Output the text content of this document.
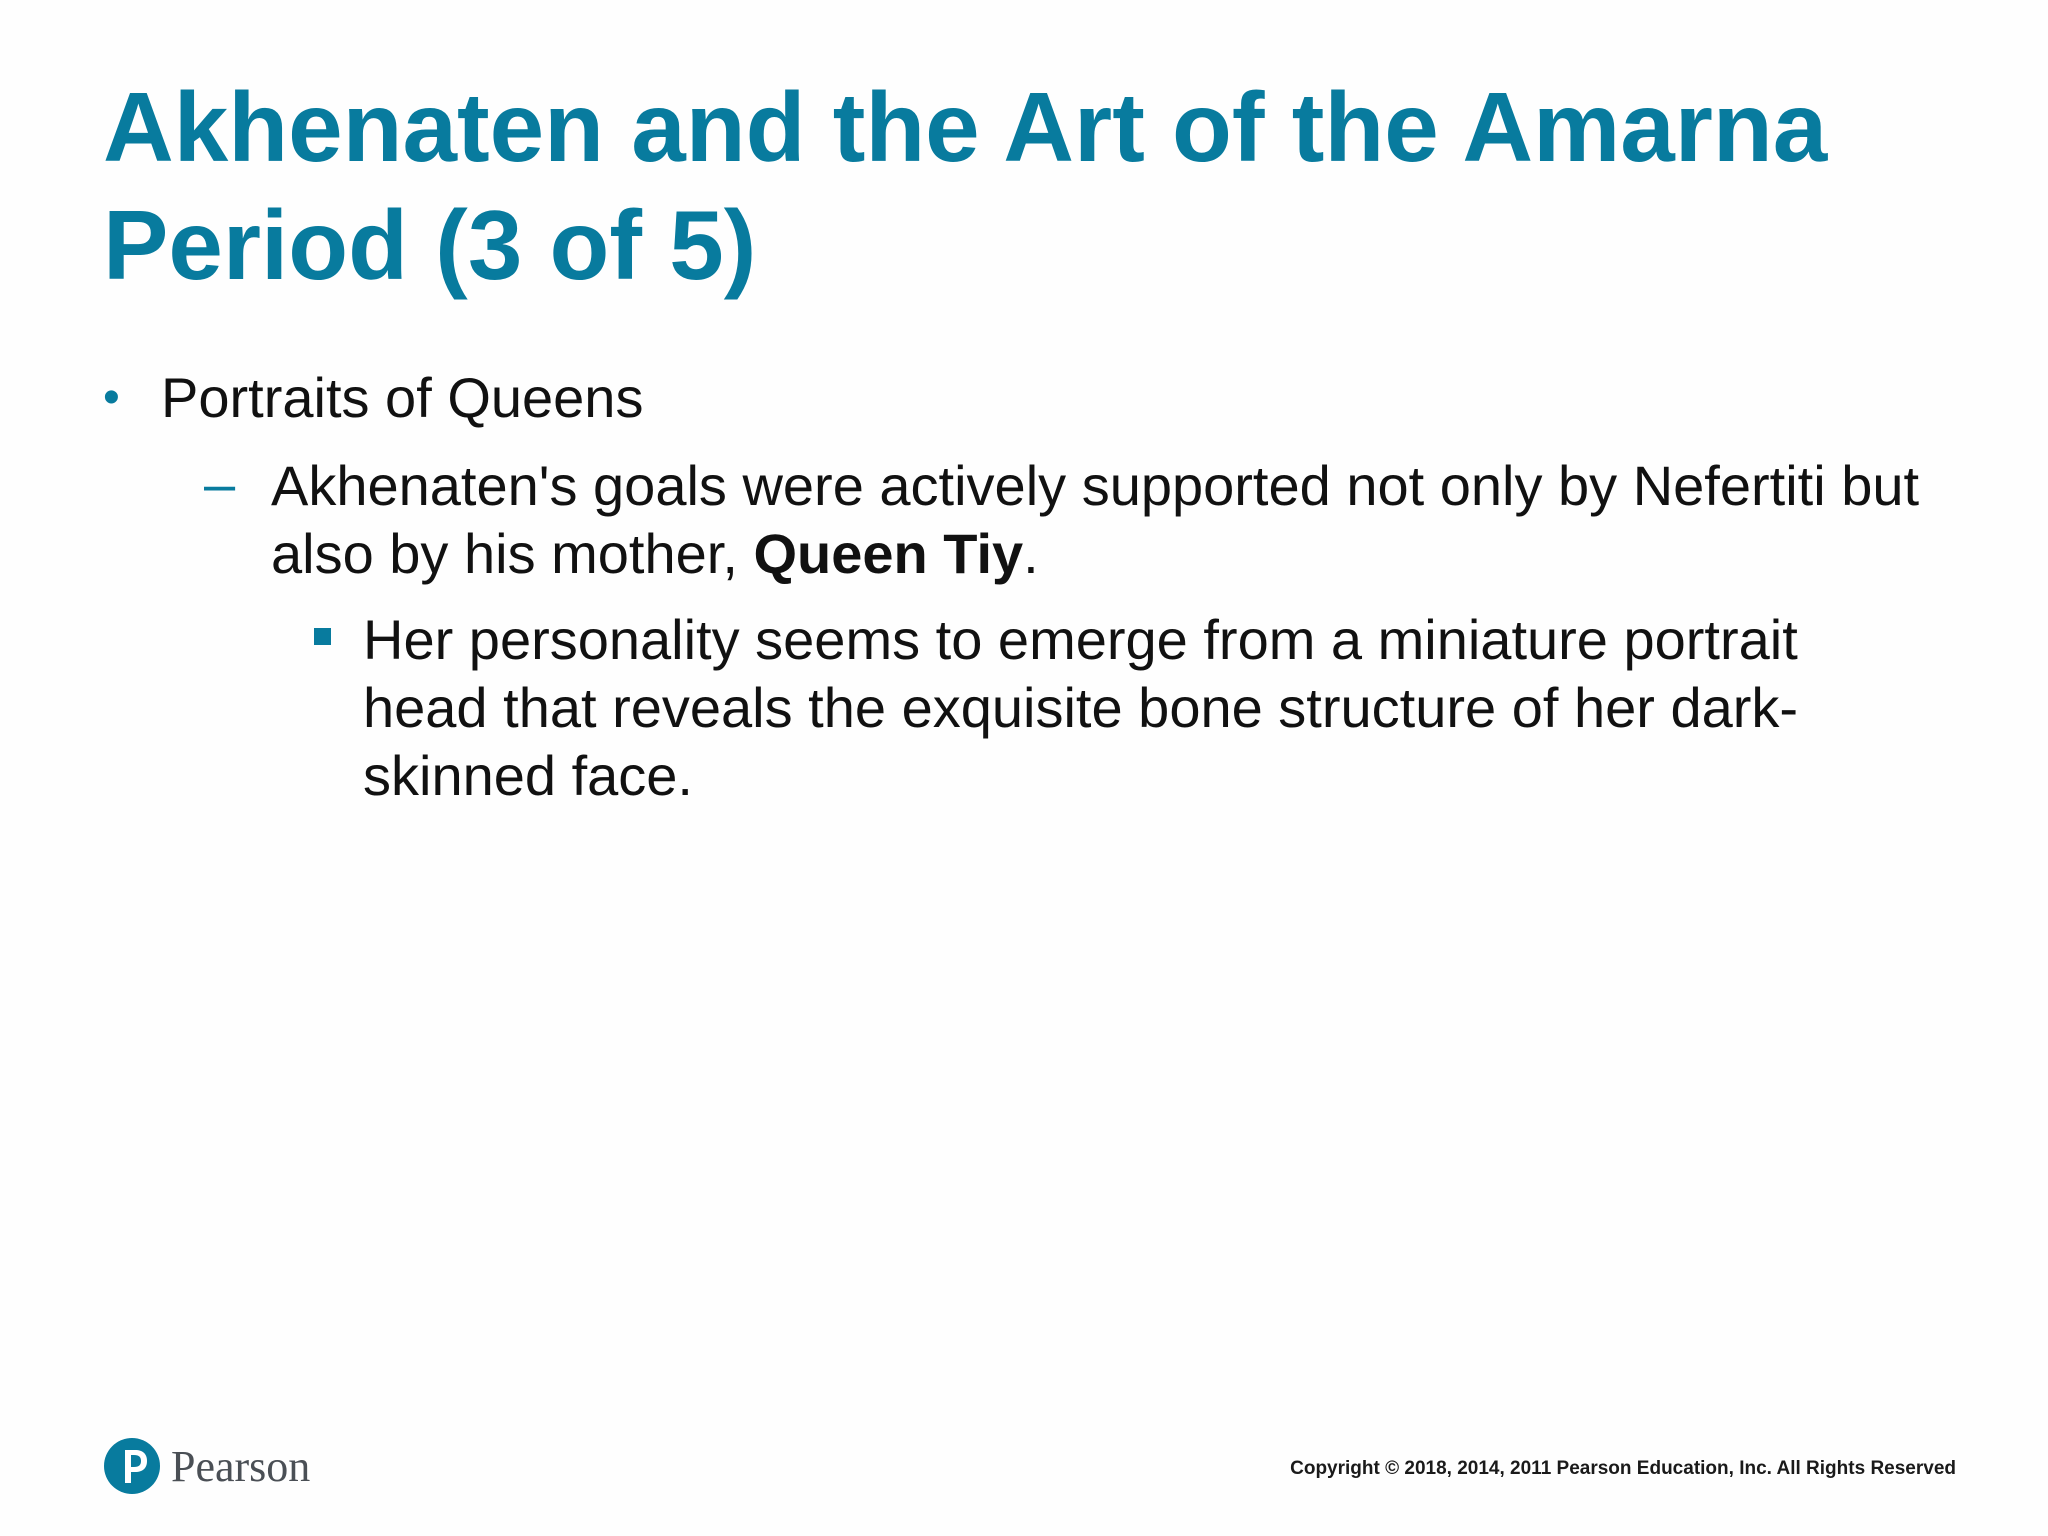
Akhenaten and the Art of the Amarna Period (3 of 5)
• Portraits of Queens
– Akhenaten's goals were actively supported not only by Nefertiti but also by his mother, Queen Tiy.
Her personality seems to emerge from a miniature portrait head that reveals the exquisite bone structure of her dark-skinned face.
Pearson	Copyright © 2018, 2014, 2011 Pearson Education, Inc. All Rights Reserved
